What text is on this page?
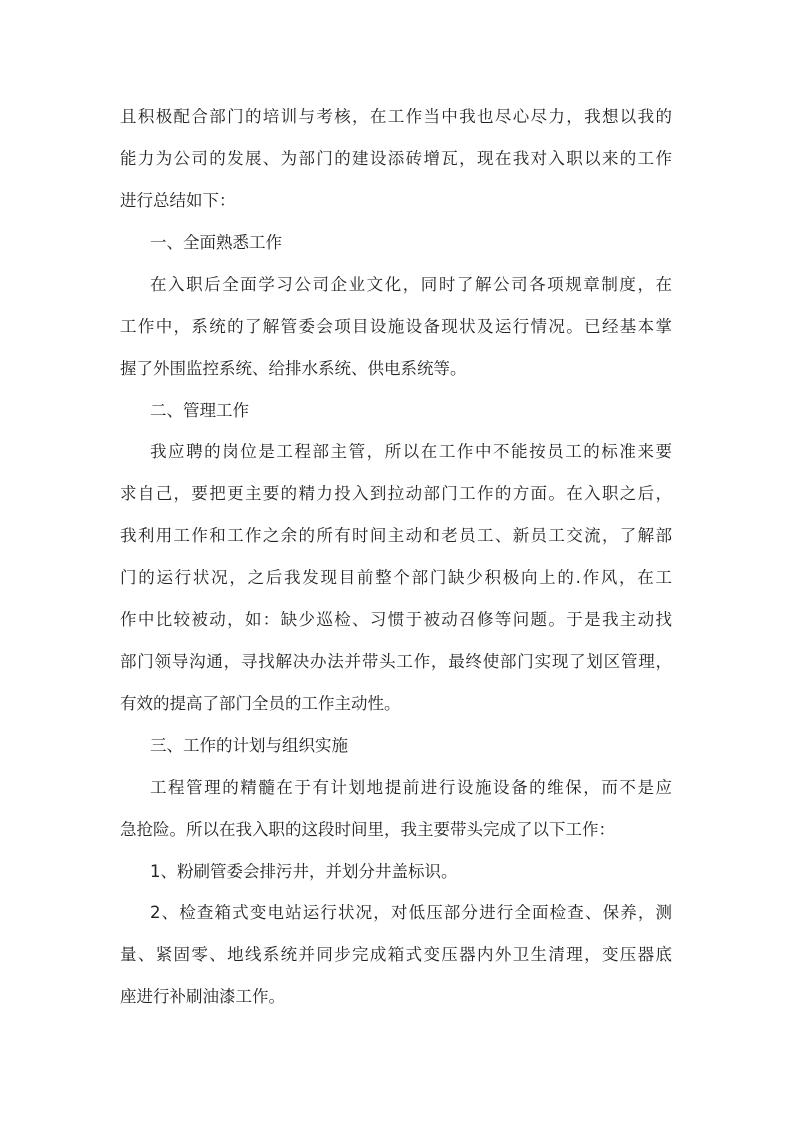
且积极配合部门的培训与考核，在工作当中我也尽心尽力，我想以我的
能力为公司的发展、为部门的建设添砖增瓦，现在我对入职以来的工作
进行总结如下：
一、全面熟悉工作
在入职后全面学习公司企业文化，同时了解公司各项规章制度，在
工作中，系统的了解管委会项目设施设备现状及运行情况。已经基本掌
握了外围监控系统、给排水系统、供电系统等。
二、管理工作
我应聘的岗位是工程部主管，所以在工作中不能按员工的标准来要
求自己，要把更主要的精力投入到拉动部门工作的方面。在入职之后，
我利用工作和工作之余的所有时间主动和老员工、新员工交流，了解部
门的运行状况，之后我发现目前整个部门缺少积极向上的.作风，在工
作中比较被动，如：缺少巡检、习惯于被动召修等问题。于是我主动找
部门领导沟通，寻找解决办法并带头工作，最终使部门实现了划区管理，
有效的提高了部门全员的工作主动性。
三、工作的计划与组织实施
工程管理的精髓在于有计划地提前进行设施设备的维保，而不是应
急抢险。所以在我入职的这段时间里，我主要带头完成了以下工作：
1、粉刷管委会排污井，并划分井盖标识。
2、检查箱式变电站运行状况，对低压部分进行全面检查、保养，测
量、紧固零、地线系统并同步完成箱式变压器内外卫生清理，变压器底
座进行补刷油漆工作。
